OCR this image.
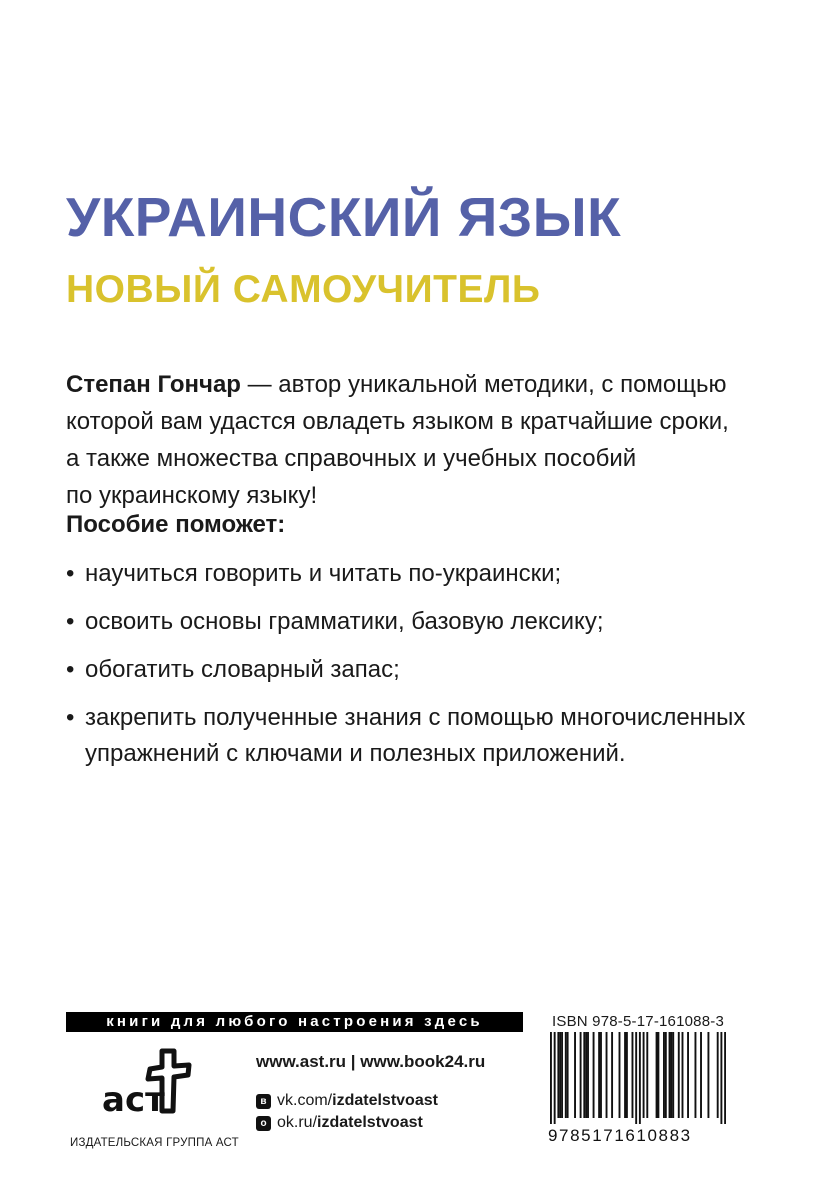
УКРАИНСКИЙ ЯЗЫК
НОВЫЙ САМОУЧИТЕЛЬ
Степан Гончар — автор уникальной методики, с помощью
которой вам удастся овладеть языком в кратчайшие сроки,
а также множества справочных и учебных пособий
по украинскому языку!
Пособие поможет:
• научиться говорить и читать по-украински;
• освоить основы грамматики, базовую лексику;
• обогатить словарный запас;
• закрепить полученные знания с помощью многочисленных
упражнений с ключами и полезных приложений.
книги для любого настроения здесь
аст

ИЗДАТЕЛЬСКАЯ ГРУППА АСТ

www.ast.ru | www.book24.ru

в vk.com/ izdatelstvoast

о ok.ru/ izdatelstvoast

ISBN 978-5-17-161088-3

9785171610883
